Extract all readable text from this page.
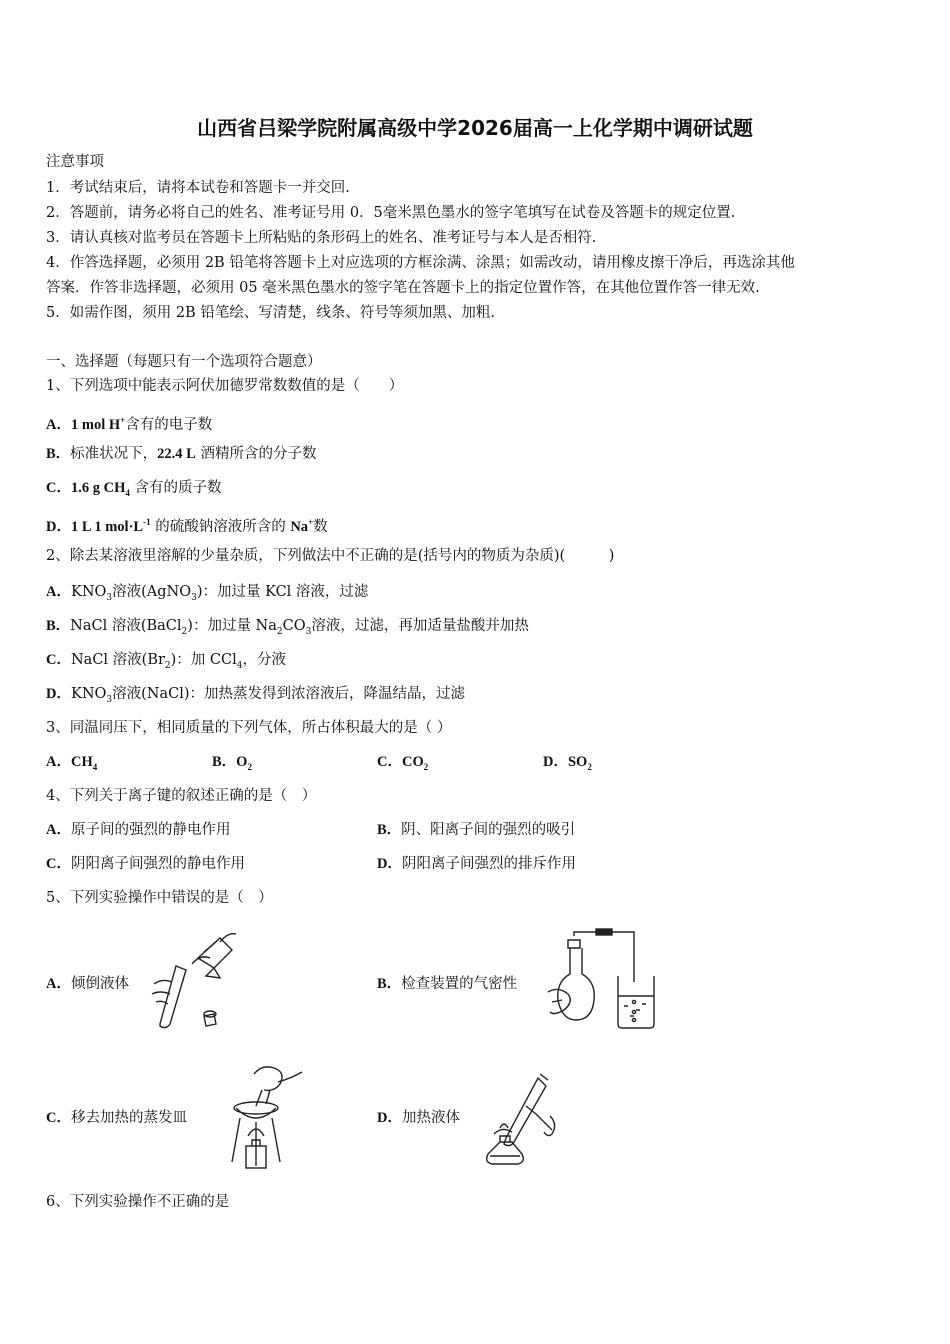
山西省吕梁学院附属高级中学2026届高一上化学期中调研试题
注意事项
1．考试结束后，请将本试卷和答题卡一并交回.
2．答题前，请务必将自己的姓名、准考证号用 0．5毫米黑色墨水的签字笔填写在试卷及答题卡的规定位置.
3．请认真核对监考员在答题卡上所粘贴的条形码上的姓名、准考证号与本人是否相符.
4．作答选择题，必须用 2B 铅笔将答题卡上对应选项的方框涂满、涂黑；如需改动，请用橡皮擦干净后，再选涂其他
答案．作答非选择题，必须用 05 毫米黑色墨水的签字笔在答题卡上的指定位置作答，在其他位置作答一律无效.
5．如需作图，须用 2B 铅笔绘、写清楚，线条、符号等须加黑、加粗.
一、选择题（每题只有一个选项符合题意）
1、下列选项中能表示阿伏加德罗常数数值的是（　　）
A．1 mol H+含有的电子数
B．标准状况下，22.4 L 酒精所含的分子数
C．1.6 g $CH_4$ 含有的质子数
D．1 L 1 $mol\cdot L^{-1}$ 的硫酸钠溶液所含的 Na+数
2、除去某溶液里溶解的少量杂质，下列做法中不正确的是(括号内的物质为杂质)(　　　)
A．$KNO_3$溶液(AgNO$_3$)：加过量 KCl 溶液，过滤
B．NaCl 溶液(BaCl$_2$)：加过量 $Na_2CO_3$溶液，过滤，再加适量盐酸并加热
C．NaCl 溶液$(Br_2)$：加 CCl$_4$，分液
D．$KNO_3$溶液(NaCl)：加热蒸发得到浓溶液后，降温结晶，过滤
3、同温同压下，相同质量的下列气体，所占体积最大的是（ ）
A．$CH_4$	B．$O_2$	C．$CO_2$	D．$SO_2$
4、下列关于离子键的叙述正确的是（　）
A．原子间的强烈的静电作用	B．阴、阳离子间的强烈的吸引
C．阴阳离子间强烈的静电作用	D．阴阳离子间强烈的排斥作用
5、下列实验操作中错误的是（　）
A．倾倒液体	B．检查装置的气密性
C．移去加热的蒸发皿	D．加热液体
6、下列实验操作不正确的是
